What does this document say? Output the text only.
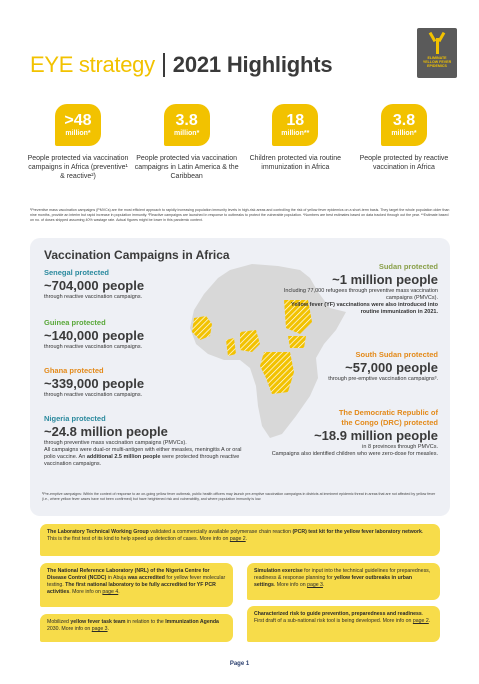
EYE strategy 2021 Highlights	ELIMINATE
YELLOW FEVER
EPIDEMICS
>48
million*
People protected via vaccination campaigns in Africa (preventive¹ & reactive²)
3.8
million*
People protected via vaccination campaigns in Latin America & the Caribbean
18
million**
Children protected via routine immunization in Africa
3.8
million*
People protected by reactive vaccination in Africa
¹Preventive mass vaccination campaigns (PMVCs) are the most efficient approach to rapidly increasing population immunity levels in high-risk areas and controlling the risk of yellow fever epidemics on a short-term basis. They target the whole population older than nine months, provide an interim but rapid increase in population immunity. ²Reactive campaigns are launched in response to outbreaks to protect the vulnerable population. *Numbers are best estimates based on data tracked through out the year. **Estimate based on no. of doses shipped assuming 40% wastage rate. Actual figures might be lower in this pandemic context.
Vaccination Campaigns in Africa
Senegal protected
~704,000 people
through reactive vaccination campaigns.
Guinea protected
~140,000 people
through reactive vaccination campaigns.
Ghana protected
~339,000 people
through reactive vaccination campaigns.
Nigeria protected
~24.8 million people
through preventive mass vaccination campaigns (PMVCs).
All campaigns were dual-or multi-antigen with either measles, meningitis A or oral polio vaccine. An additional 2.5 million people were protected through reactive vaccination campaigns.
Sudan protected
~1 million people
Including 77,000 refugees through preventive mass vaccination campaigns (PMVCs).
Yellow fever (YF) vaccinations were also introduced into routine immunization in 2021.
South Sudan protected
~57,000 people
through pre-emptive vaccination campaigns³.
The Democratic Republic of
the Congo (DRC) protected
~18.9 million people
in 8 provinces through PMVCs.
Campaigns also identified children who were zero-dose for measles.
³Pre-emptive campaigns: Within the context of response to an on-going yellow fever outbreak, public health officers may launch pre-emptive vaccination campaigns in districts at imminent epidemic threat in areas that are not affected by yellow fever (i.e., where yellow fever cases have not been confirmed) but have heightened risk and vulnerability, and where population immunity is low.
The Laboratory Technical Working Group validated a commercially available polymerase chain reaction (PCR) test kit for the yellow fever laboratory network. This is the first test of its kind to help speed up detection of cases. More info on page 2.
The National Reference Laboratory (NRL) of the Nigeria Centre for Disease Control (NCDC) in Abuja was accredited for yellow fever molecular testing. The first national laboratory to be fully accredited for YF PCR activities. More info on page 4.
Simulation exercise for input into the technical guidelines for preparedness, readiness & response planning for yellow fever outbreaks in urban settings. More info on page 3.
Mobilized yellow fever task team in relation to the Immunization Agenda 2030. More info on page 3.
Characterized risk to guide prevention, preparedness and readiness. First draft of a sub-national risk tool is being developed. More info on page 2.
Page 1
